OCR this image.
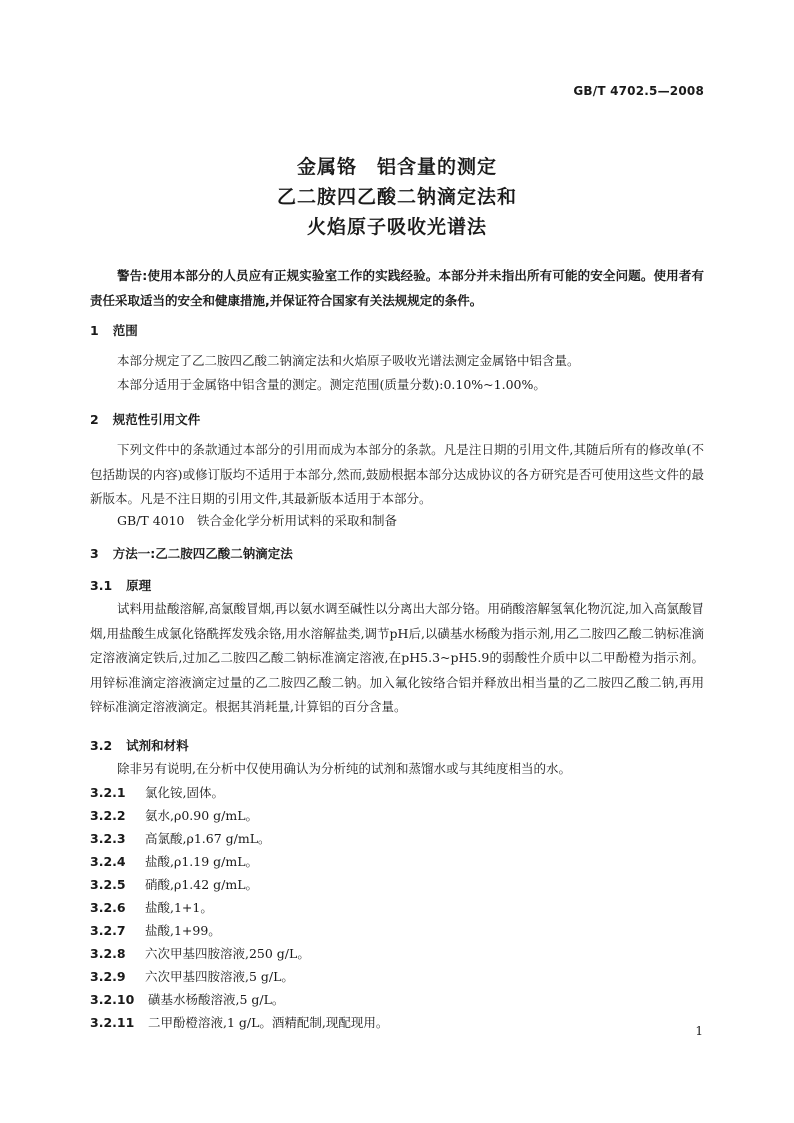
GB/T 4702.5—2008
金属铬　铝含量的测定
乙二胺四乙酸二钠滴定法和
火焰原子吸收光谱法
警告:使用本部分的人员应有正规实验室工作的实践经验。本部分并未指出所有可能的安全问题。使用者有责任采取适当的安全和健康措施,并保证符合国家有关法规规定的条件。
1 范围
本部分规定了乙二胺四乙酸二钠滴定法和火焰原子吸收光谱法测定金属铬中铝含量。
本部分适用于金属铬中铝含量的测定。测定范围(质量分数):0.10%~1.00%。
2 规范性引用文件
下列文件中的条款通过本部分的引用而成为本部分的条款。凡是注日期的引用文件,其随后所有的修改单(不包括勘误的内容)或修订版均不适用于本部分,然而,鼓励根据本部分达成协议的各方研究是否可使用这些文件的最新版本。凡是不注日期的引用文件,其最新版本适用于本部分。
GB/T 4010　铁合金化学分析用试料的采取和制备
3 方法一:乙二胺四乙酸二钠滴定法
3.1 原理
试料用盐酸溶解,高氯酸冒烟,再以氨水调至碱性以分离出大部分铬。用硝酸溶解氢氧化物沉淀,加入高氯酸冒烟,用盐酸生成氯化铬酰挥发残余铬,用水溶解盐类,调节pH后,以磺基水杨酸为指示剂,用乙二胺四乙酸二钠标准滴定溶液滴定铁后,过加乙二胺四乙酸二钠标准滴定溶液,在pH5.3~pH5.9的弱酸性介质中以二甲酚橙为指示剂。用锌标准滴定溶液滴定过量的乙二胺四乙酸二钠。加入氟化铵络合铝并释放出相当量的乙二胺四乙酸二钠,再用锌标准滴定溶液滴定。根据其消耗量,计算铝的百分含量。
3.2 试剂和材料
除非另有说明,在分析中仅使用确认为分析纯的试剂和蒸馏水或与其纯度相当的水。
3.2.1 氯化铵,固体。
3.2.2 氨水,ρ0.90 g/mL。
3.2.3 高氯酸,ρ1.67 g/mL。
3.2.4 盐酸,ρ1.19 g/mL。
3.2.5 硝酸,ρ1.42 g/mL。
3.2.6 盐酸,1+1。
3.2.7 盐酸,1+99。
3.2.8 六次甲基四胺溶液,250 g/L。
3.2.9 六次甲基四胺溶液,5 g/L。
3.2.10 磺基水杨酸溶液,5 g/L。
3.2.11 二甲酚橙溶液,1 g/L。酒精配制,现配现用。
1
